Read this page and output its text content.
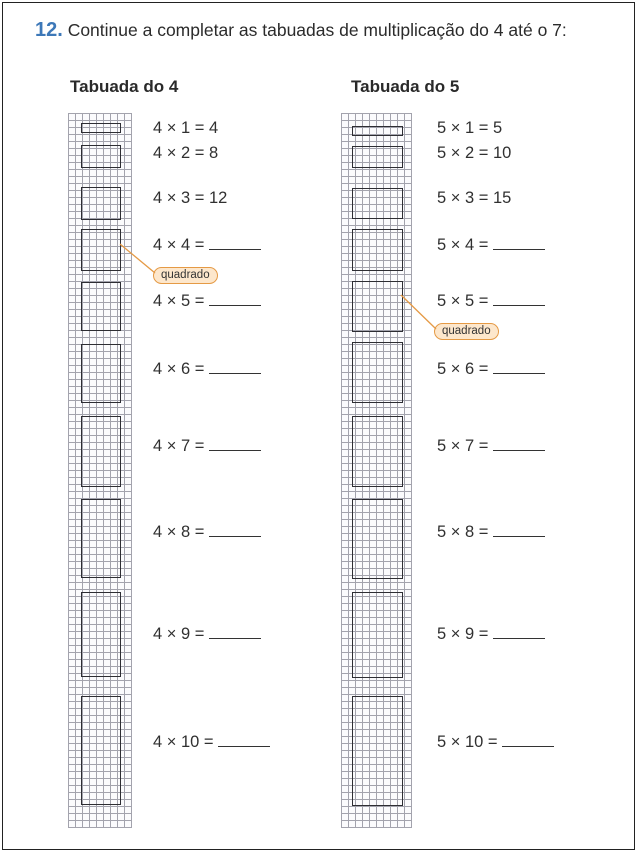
12. Continue a completar as tabuadas de multiplicação do 4 até o 7:
Tabuada do 4
4 × 1 = 4
4 × 2 = 8
4 × 3 = 12
4 × 4 =
4 × 5 =
4 × 6 =
4 × 7 =
4 × 8 =
4 × 9 =
4 × 10 =
quadrado
Tabuada do 5
5 × 1 = 5
5 × 2 = 10
5 × 3 = 15
5 × 4 =
5 × 5 =
5 × 6 =
5 × 7 =
5 × 8 =
5 × 9 =
5 × 10 =
quadrado
